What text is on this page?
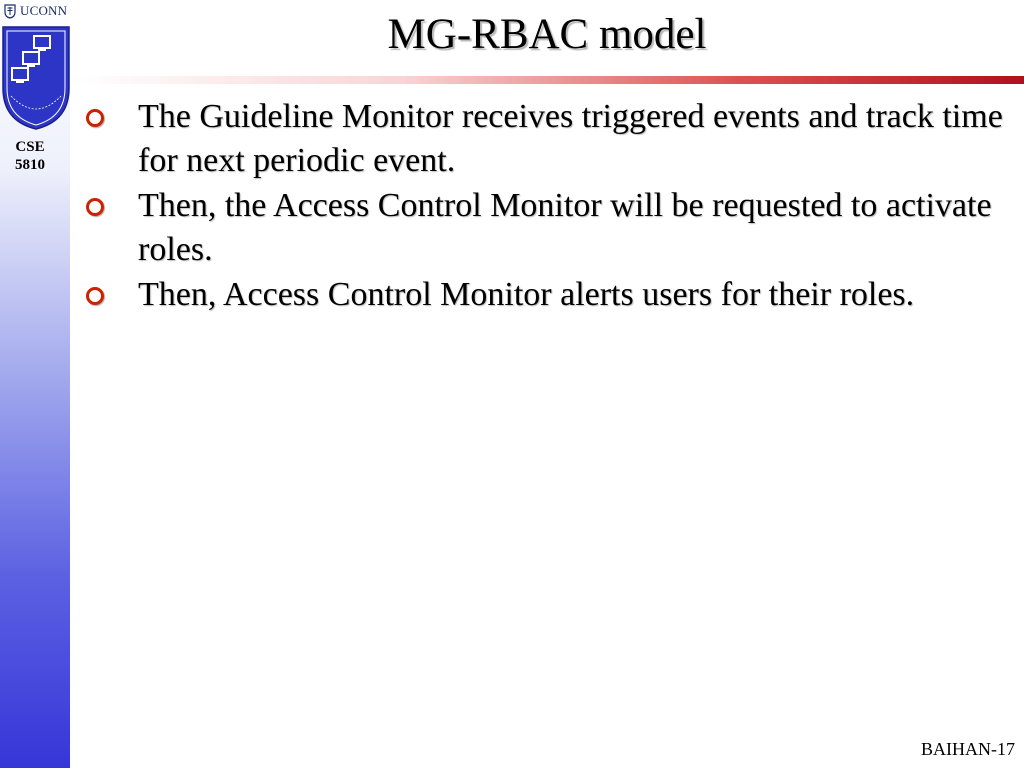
UCONN
CSE
5810
MG-RBAC model
The Guideline Monitor receives triggered events and track time for next periodic event.
Then, the Access Control Monitor will be requested to activate roles.
Then, Access Control Monitor alerts users for their roles.
BAIHAN-17
